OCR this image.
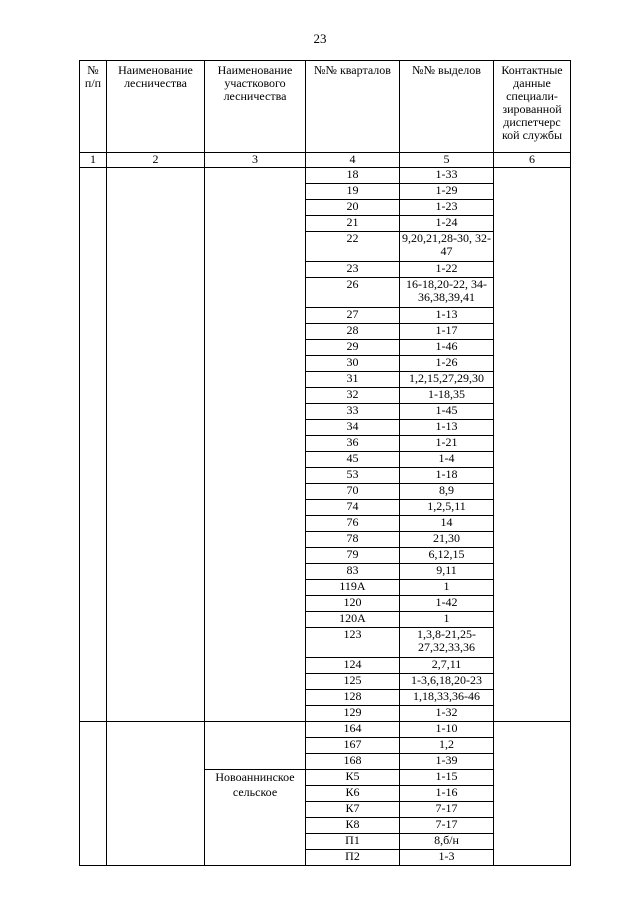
23
№ п/п	Наименование лесничества	Наименование участкового лесничества	№№ кварталов	№№ выделов	Контактные данные специали-зированной диспетчерс кой службы
1	2	3	4	5	6
			18	1-33	
			19	1-29	
			20	1-23	
			21	1-24	
			22	9,20,21,28-30, 32-47	
			23	1-22	
			26	16-18,20-22, 34-36,38,39,41	
			27	1-13	
			28	1-17	
			29	1-46	
			30	1-26	
			31	1,2,15,27,29,30	
			32	1-18,35	
			33	1-45	
			34	1-13	
			36	1-21	
			45	1-4	
			53	1-18	
			70	8,9	
			74	1,2,5,11	
			76	14	
			78	21,30	
			79	6,12,15	
			83	9,11	
			119А	1	
			120	1-42	
			120А	1	
			123	1,3,8-21,25-27,32,33,36	
			124	2,7,11	
			125	1-3,6,18,20-23	
			128	1,18,33,36-46	
			129	1-32	
			164	1-10	
			167	1,2	
			168	1-39	
		Новоаннинское сельское	К5	1-15	
			К6	1-16	
			К7	7-17	
			К8	7-17	
			П1	8,б/н	
			П2	1-3	
